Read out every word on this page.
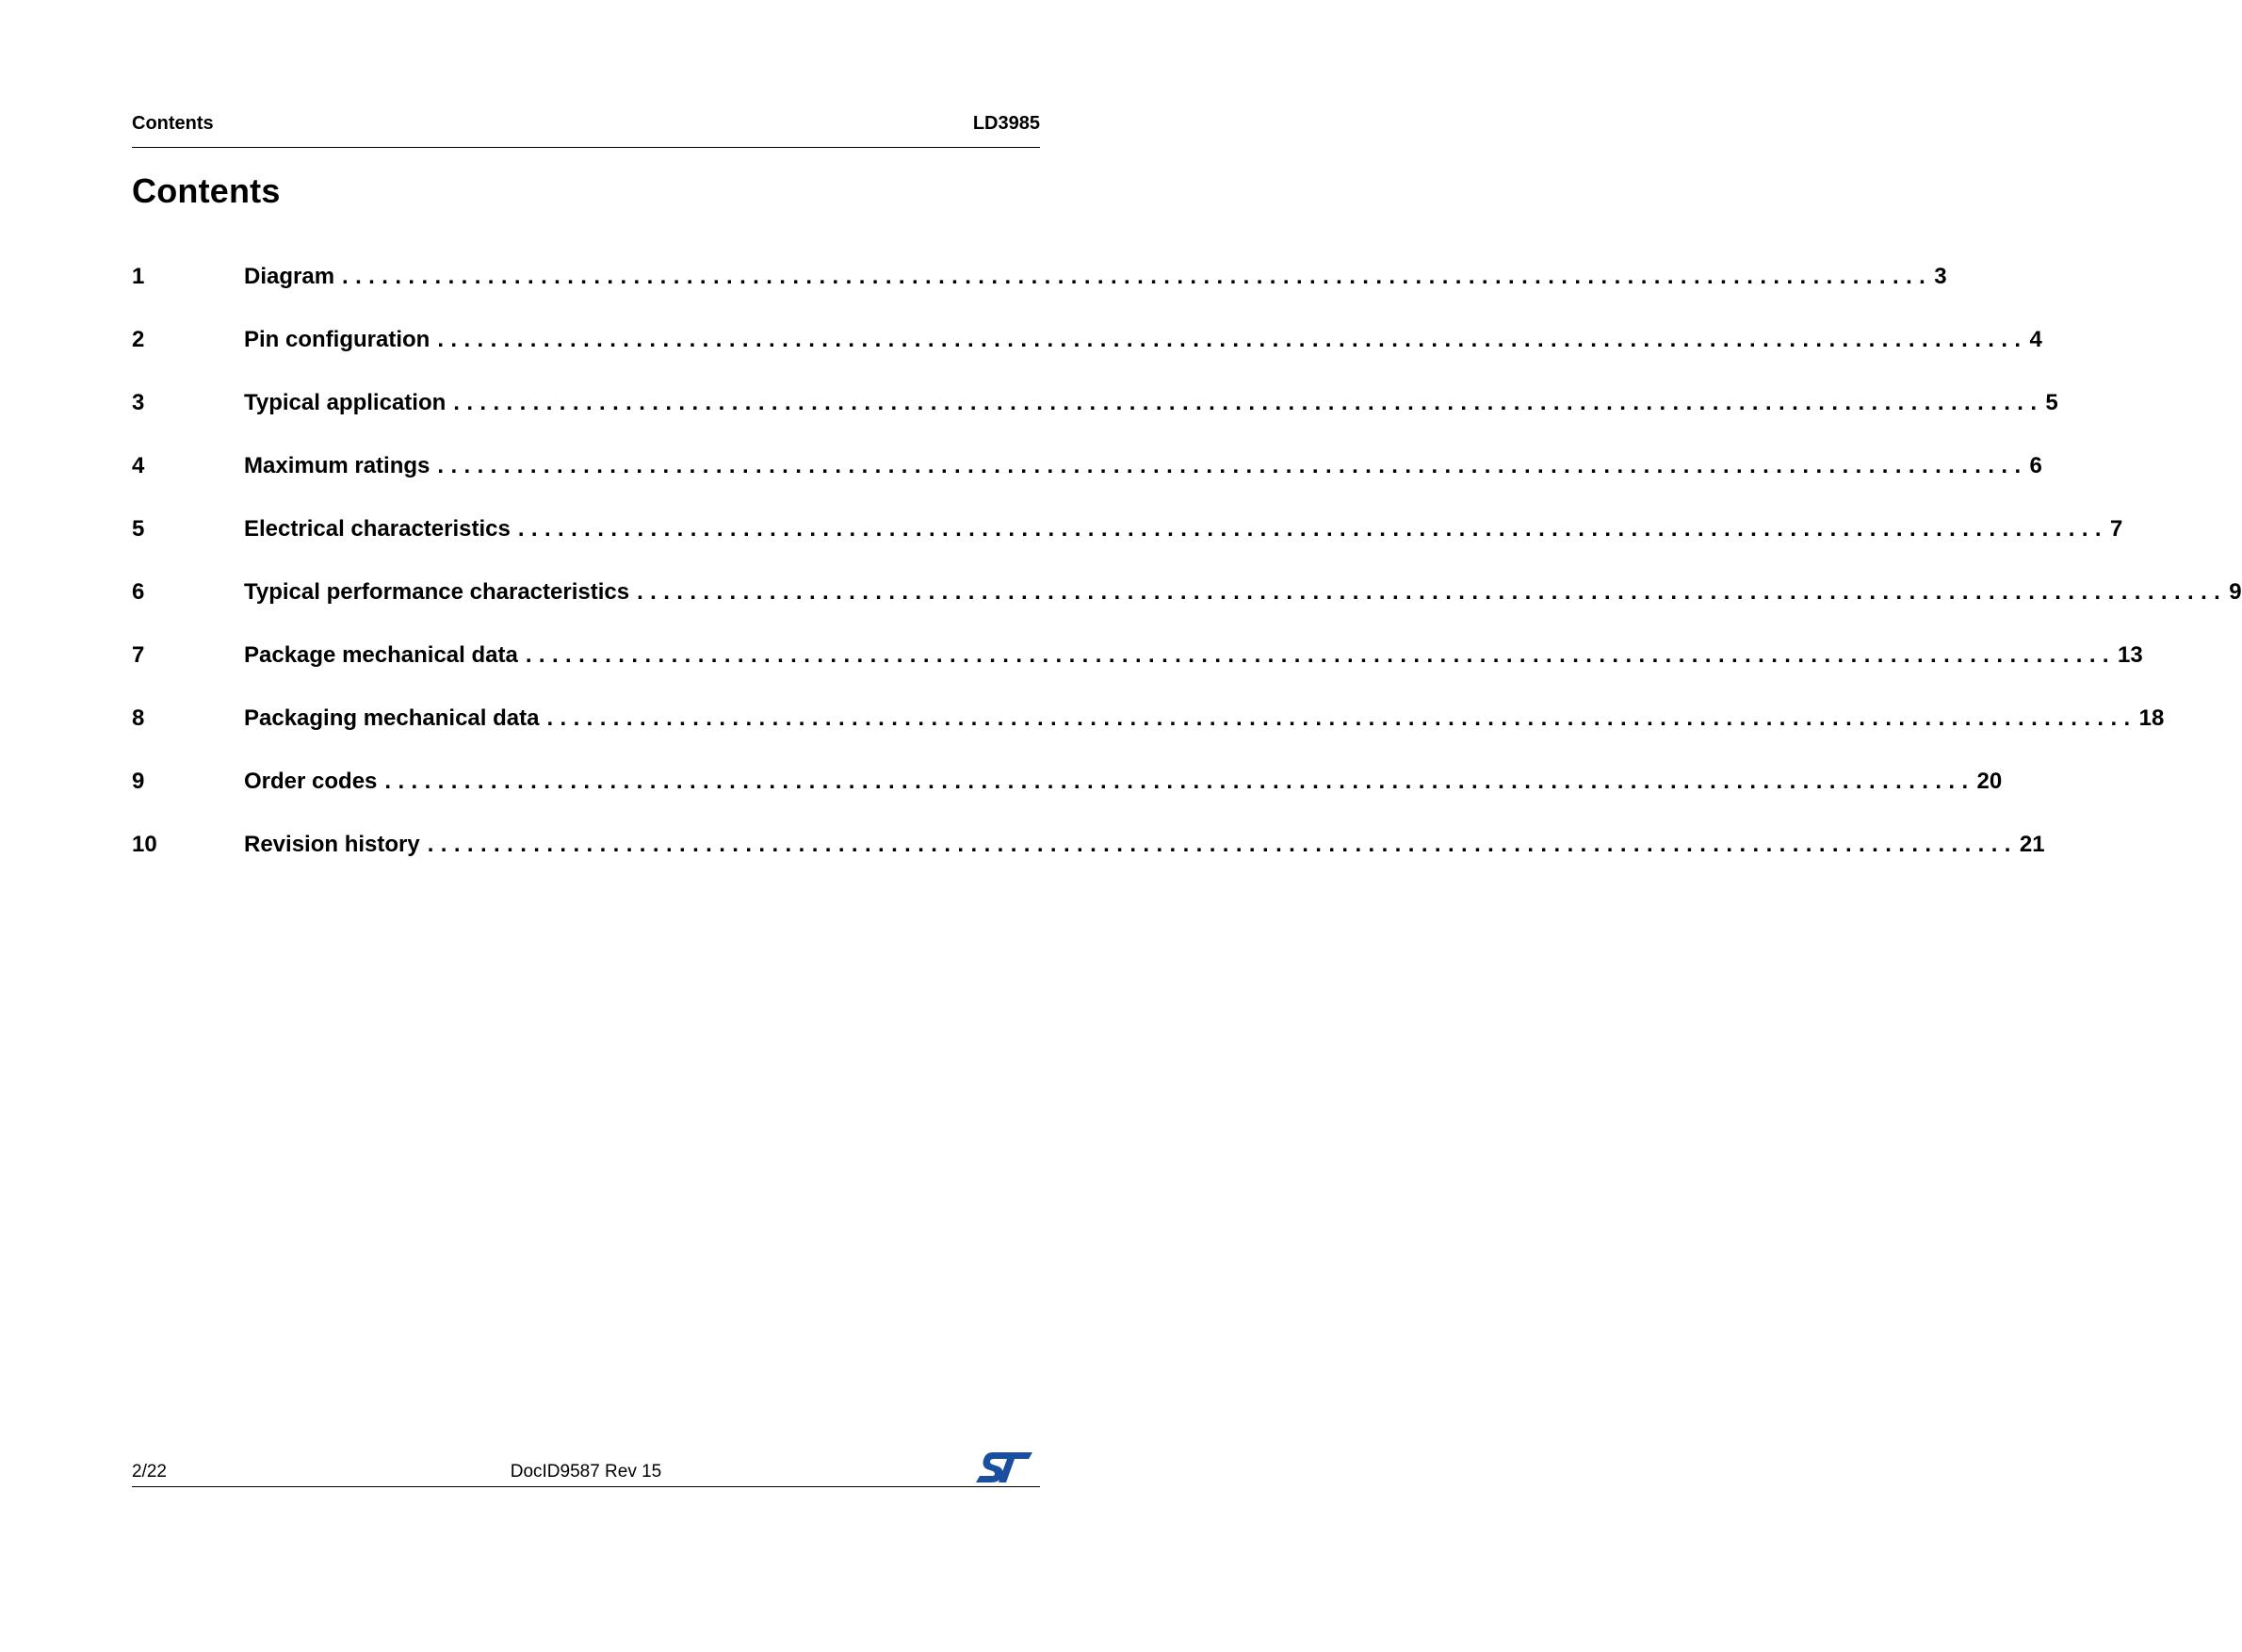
Contents	LD3985
Contents
1	Diagram ........................................................................................................................ 3
2	Pin configuration ........................................................................................................................ 4
3	Typical application ........................................................................................................................ 5
4	Maximum ratings ........................................................................................................................ 6
5	Electrical characteristics ........................................................................................................................ 7
6	Typical performance characteristics ........................................................................................................................ 9
7	Package mechanical data ........................................................................................................................ 13
8	Packaging mechanical data ........................................................................................................................ 18
9	Order codes ........................................................................................................................ 20
10	Revision history ........................................................................................................................ 21
2/22	DocID9587 Rev 15
